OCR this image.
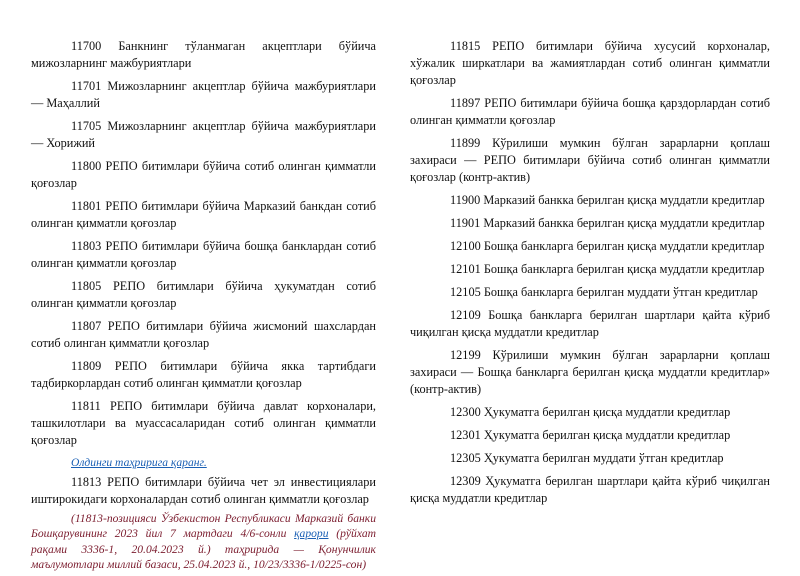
11700 Банкнинг тўланмаган акцептлари бўйича мижозларнинг мажбуриятлари

11701 Мижозларнинг акцептлар бўйича мажбуриятлари — Маҳаллий

11705 Мижозларнинг акцептлар бўйича мажбуриятлари — Хорижий

11800 РЕПО битимлари бўйича сотиб олинган қимматли қоғозлар

11801 РЕПО битимлари бўйича Марказий банкдан сотиб олинган қимматли қоғозлар

11803 РЕПО битимлари бўйича бошқа банклардан сотиб олинган қимматли қоғозлар

11805 РЕПО битимлари бўйича ҳукуматдан сотиб олинган қимматли қоғозлар

11807 РЕПО битимлари бўйича жисмоний шахслардан сотиб олинган қимматли қоғозлар

11809 РЕПО битимлари бўйича якка тартибдаги тадбиркорлардан сотиб олинган қимматли қоғозлар

11811 РЕПО битимлари бўйича давлат корхоналари, ташкилотлари ва муассасаларидан сотиб олинган қимматли қоғозлар

Олдинги таҳририга қаранг.

11813 РЕПО битимлари бўйича чет эл инвестициялари иштирокидаги корхоналардан сотиб олинган қимматли қоғозлар

(11813-позицияси Ўзбекистон Республикаси Марказий банки Бошқарувининг 2023 йил 7 мартдаги 4/6-сонли қарори (рўйхат рақами 3336-1, 20.04.2023 й.) таҳририда — Қонунчилик маълумотлари миллий базаси, 25.04.2023 й., 10/23/3336-1/0225-сон)

11815 РЕПО битимлари бўйича хусусий корхоналар, хўжалик ширкатлари ва жамиятлардан сотиб олинган қимматли қоғозлар

11897 РЕПО битимлари бўйича бошқа қарздорлардан сотиб олинган қимматли қоғозлар

11899 Кўрилиши мумкин бўлган зарарларни қоплаш захираси — РЕПО битимлари бўйича сотиб олинган қимматли қоғозлар (контр-актив)

11900 Марказий банкка берилган қисқа муддатли кредитлар

11901 Марказий банкка берилган қисқа муддатли кредитлар

12100 Бошқа банкларга берилган қисқа муддатли кредитлар

12101 Бошқа банкларга берилган қисқа муддатли кредитлар

12105 Бошқа банкларга берилган муддати ўтган кредитлар

12109 Бошқа банкларга берилган шартлари қайта кўриб чиқилган қисқа муддатли кредитлар

12199 Кўрилиши мумкин бўлган зарарларни қоплаш захираси — Бошқа банкларга берилган қисқа муддатли кредитлар» (контр-актив)

12300 Ҳукуматга берилган қисқа муддатли кредитлар

12301 Ҳукуматга берилган қисқа муддатли кредитлар

12305 Ҳукуматга берилган муддати ўтган кредитлар

12309 Ҳукуматга берилган шартлари қайта кўриб чиқилган қисқа муддатли кредитлар
